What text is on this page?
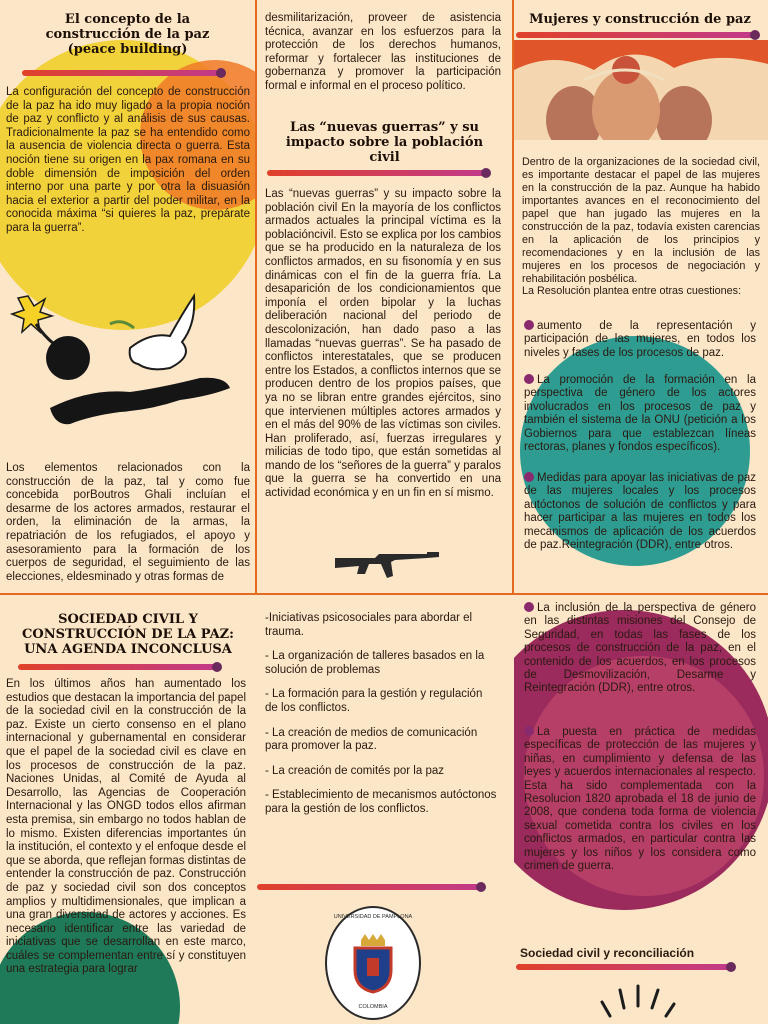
El concepto de la construcción de la paz (peace building)
La configuración del concepto de construcción de la paz ha ido muy ligado a la propia noción de paz y conflicto y al análisis de sus causas. Tradicionalmente la paz se ha entendido como la ausencia de violencia directa o guerra. Esta noción tiene su origen en la pax romana en su doble dimensión de imposición del orden interno por una parte y por otra la disuasión hacia el exterior a partir del poder militar, en la conocida máxima “si quieres la paz, prepárate para la guerra”.
Los elementos relacionados con la construcción de la paz, tal y como fue concebida porBoutros Ghali incluían el desarme de los actores armados, restaurar el orden, la eliminación de la armas, la repatriación de los refugiados, el apoyo y asesoramiento para la formación de los cuerpos de seguridad, el seguimiento de las elecciones, eldesminado y otras formas de
desmilitarización, proveer de asistencia técnica, avanzar en los esfuerzos para la protección de los derechos humanos, reformar y fortalecer las instituciones de gobernanza y promover la participación formal e informal en el proceso político.
Las “nuevas guerras” y su impacto sobre la población civil
Las “nuevas guerras” y su impacto sobre la población civil En la mayoría de los conflictos armados actuales la principal víctima es la poblacióncivil. Esto se explica por los cambios que se ha producido en la naturaleza de los conflictos armados, en su fisonomía y en sus dinámicas con el fin de la guerra fría. La desaparición de los condicionamientos que imponía el orden bipolar y la luchas deliberación nacional del periodo de descolonización, han dado paso a las llamadas “nuevas guerras”. Se ha pasado de conflictos interestatales, que se producen entre los Estados, a conflictos internos que se producen dentro de los propios países, que ya no se libran entre grandes ejércitos, sino que intervienen múltiples actores armados y en el más del 90% de las víctimas son civiles. Han proliferado, así, fuerzas irregulares y milicias de todo tipo, que están sometidas al mando de los “señores de la guerra” y paralos que la guerra se ha convertido en una actividad económica y en un fin en sí mismo.
Mujeres y construcción de paz
Dentro de la organizaciones de la sociedad civil, es importante destacar el papel de las mujeres en la construcción de la paz. Aunque ha habido importantes avances en el reconocimiento del papel que han jugado las mujeres en la construcción de la paz, todavía existen carencias en la aplicación de los principios y recomendaciones y en la inclusión de las mujeres en los procesos de negociación y rehabilitación posbélica.
La Resolución plantea entre otras cuestiones:
aumento de la representación y participación de las mujeres, en todos los niveles y fases de los procesos de paz.
La promoción de la formación en la perspectiva de género de los actores involucrados en los procesos de paz y también el sistema de la ONU (petición a los Gobiernos para que establezcan líneas rectoras, planes y fondos específicos).
Medidas para apoyar las iniciativas de paz de las mujeres locales y los procesos autóctonos de solución de conflictos y para hacer participar a las mujeres en todos los mecanismos de aplicación de los acuerdos de paz.Reintegración (DDR), entre otros.
SOCIEDAD CIVIL Y CONSTRUCCIÓN DE LA PAZ: UNA AGENDA INCONCLUSA
En los últimos años han aumentado los estudios que destacan la importancia del papel de la sociedad civil en la construcción de la paz. Existe un cierto consenso en el plano internacional y gubernamental en considerar que el papel de la sociedad civil es clave en los procesos de construcción de la paz. Naciones Unidas, al Comité de Ayuda al Desarrollo, las Agencias de Cooperación Internacional y las ONGD todos ellos afirman esta premisa, sin embargo no todos hablan de lo mismo. Existen diferencias importantes ún la institución, el contexto y el enfoque desde el que se aborda, que reflejan formas distintas de entender la construcción de paz. Construcción de paz y sociedad civil son dos conceptos amplios y multidimensionales, que implican a una gran diversidad de actores y acciones. Es necesario identificar entre las variedad de iniciativas que se desarrollan en este marco, cuáles se complementan entre sí y constituyen una estrategia para lograr

-Iniciativas psicosociales para abordar el trauma.

- La organización de talleres basados en la solución de problemas

- La formación para la gestión y regulación de los conflictos.

- La creación de medios de comunicación para promover la paz.

- La creación de comités por la paz

- Establecimiento de mecanismos autóctonos para la gestión de los conflictos.

UNIVERSIDAD DE PAMPLONA
COLOMBIA
La inclusión de la perspectiva de género en las distintas misiones del Consejo de Seguridad, en todas las fases de los procesos de construcción de la paz, en el contenido de los acuerdos, en los procesos de Desmovilización, Desarme y Reintegración (DDR), entre otros.
La puesta en práctica de medidas específicas de protección de las mujeres y niñas, en cumplimiento y defensa de las leyes y acuerdos internacionales al respecto. Esta ha sido complementada con la Resolucion 1820 aprobada el 18 de junio de 2008, que condena toda forma de violencia sexual cometida contra los civiles en los conflictos armados, en particular contra las mujeres y los niños y los considera como crimen de guerra.
Sociedad civil y reconciliación
